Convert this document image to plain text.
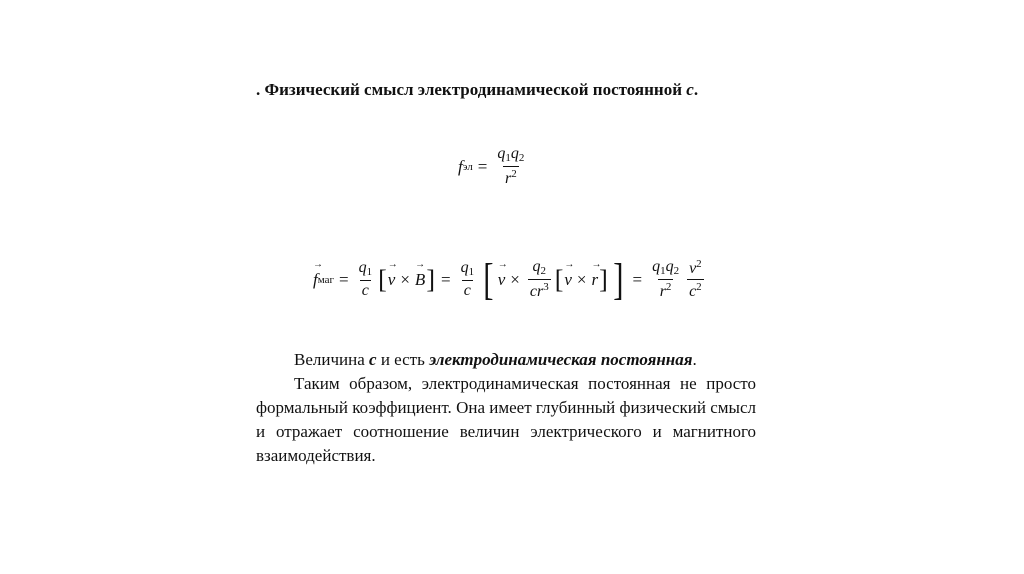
. Физический смысл электродинамической постоянной c.
f эл = $\frac{q_1q_2}{r^2}$
f → маг = $\frac{q_1}{c}$ [ v → × B → ] = $\frac{q_1}{c}$ [ v → × $\frac{q_2}{cr^3}$ [ v → × r → ] ] = $\frac{q_1q_2}{r^2} \frac{v^2}{c^2}$

Величина с и есть электродинамическая постоянная.

Таким образом, электродинамическая постоянная не просто формальный коэффициент. Она имеет глубинный физический смысл и отражает соотношение величин электрического и магнитного взаимодействия.
